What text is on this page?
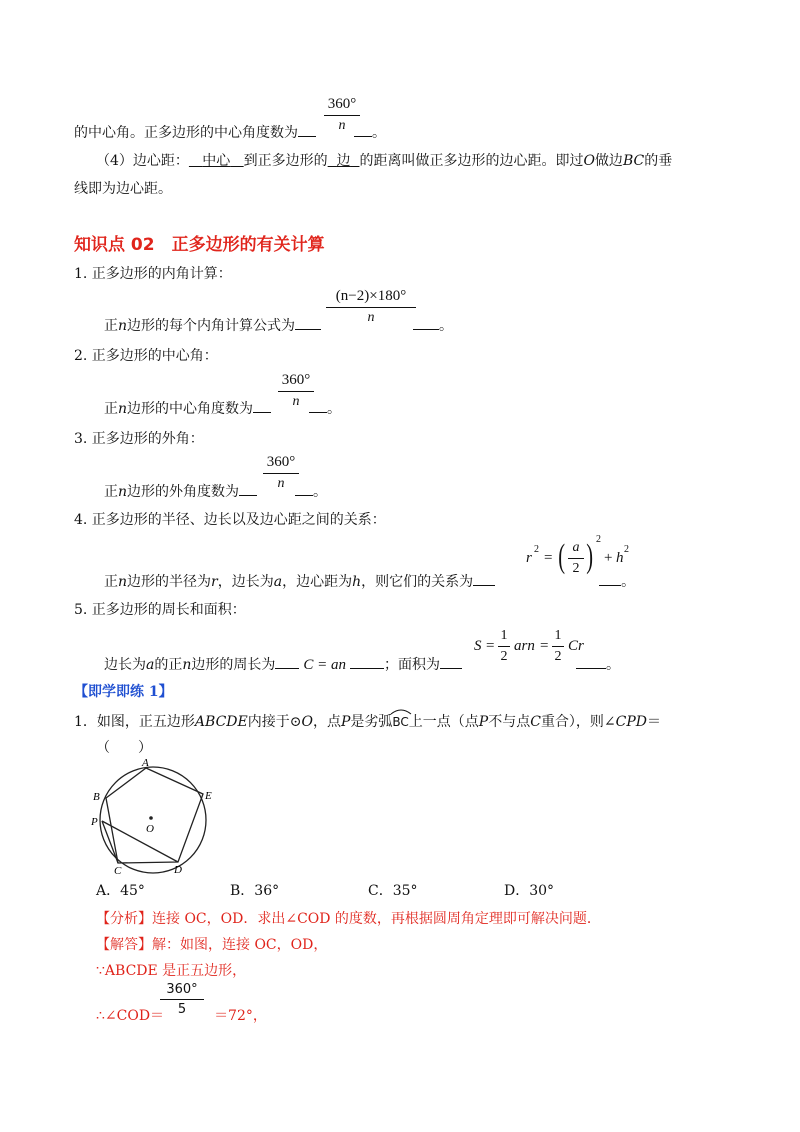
$\frac{360^\circ}{n}$
的中心角。正多边形的中心角度数为	。
（4）边心距： 中心 到正多边形的 边 的距离叫做正多边形的边心距。即过O做边BC的垂
线即为边心距。
知识点 02　正多边形的有关计算
1. 正多边形的内角计算：
$\frac{(n-2)\times 180^\circ}{n}$
正n边形的每个内角计算公式为	。
2. 正多边形的中心角：
$\frac{360^\circ}{n}$
正n边形的中心角度数为	。
3. 正多边形的外角：
$\frac{360^\circ}{n}$
正n边形的外角度数为	。
4. 正多边形的半径、边长以及边心距之间的关系：
r
2
= ( $\frac{a}{2}$ ) 2
+ h
2
正n边形的半径为r，边长为a，边心距为h，则它们的关系为	。
5. 正多边形的周长和面积：
$S = \frac{1}{2}$ arn = $\frac{1}{2}$ Cr
边长为a的正n边形的周长为 C = an	；面积为	。
【即学即练 1】
1．如图，正五边形ABCDE内接于⊙O，点P是劣弧
BC上一点（点P不与点C重合），则∠CPD＝
（　　）
A
B
P
C	D
E
O
A．45°	B．36°	C．35°	D．30°
【分析】连接 OC，OD．求出∠COD 的度数，再根据圆周角定理即可解决问题．
【解答】解：如图，连接 OC，OD，
∵ABCDE 是正五边形，
∴∠COD＝	＝72°，
$\frac{360^\circ}{5}$
